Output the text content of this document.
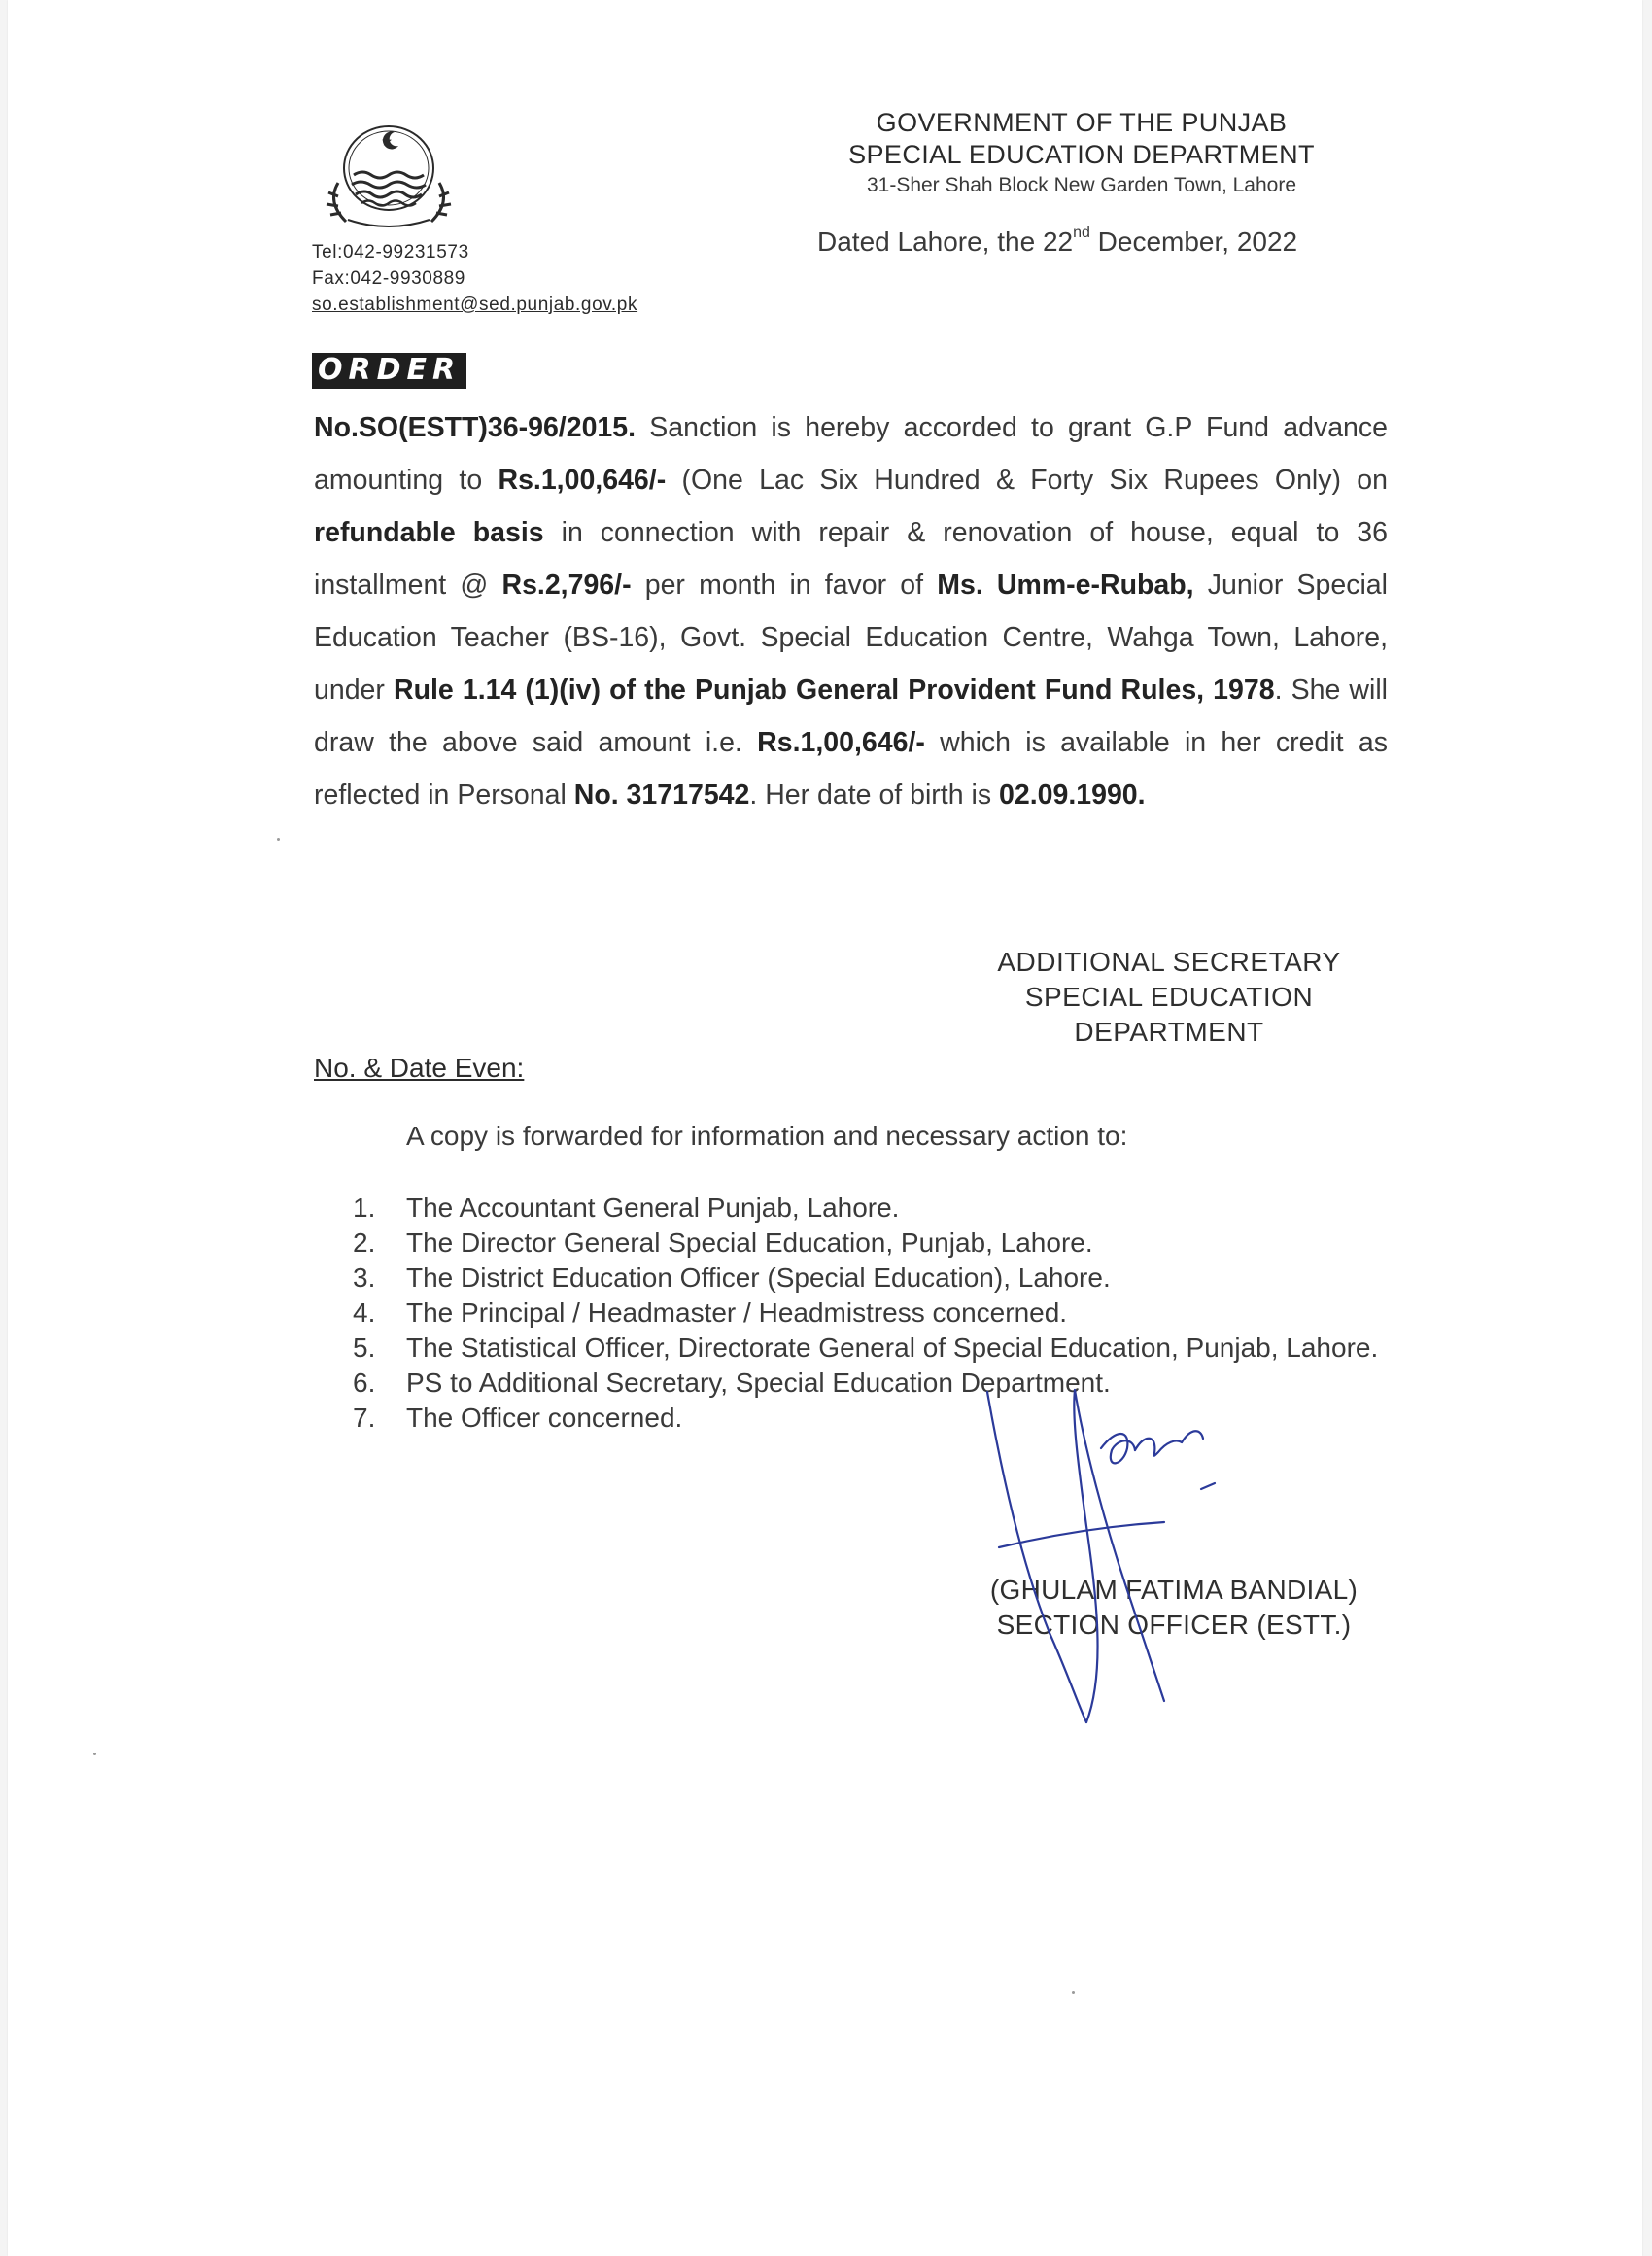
Tel:042-99231573
Fax:042-9930889
so.establishment@sed.punjab.gov.pk
GOVERNMENT OF THE PUNJAB
SPECIAL EDUCATION DEPARTMENT
31-Sher Shah Block New Garden Town, Lahore
Dated Lahore, the 22nd December, 2022
ORDER
No.SO(ESTT)36-96/2015. Sanction is hereby accorded to grant G.P Fund advance amounting to Rs.1,00,646/- (One Lac Six Hundred & Forty Six Rupees Only) on refundable basis in connection with repair & renovation of house, equal to 36 installment @ Rs.2,796/- per month in favor of Ms. Umm-e-Rubab, Junior Special Education Teacher (BS-16), Govt. Special Education Centre, Wahga Town, Lahore, under Rule 1.14 (1)(iv) of the Punjab General Provident Fund Rules, 1978. She will draw the above said amount i.e. Rs.1,00,646/- which is available in her credit as reflected in Personal No. 31717542. Her date of birth is 02.09.1990.
ADDITIONAL SECRETARY
SPECIAL EDUCATION
DEPARTMENT
No. & Date Even:
A copy is forwarded for information and necessary action to:
1.	The Accountant General Punjab, Lahore.
2.	The Director General Special Education, Punjab, Lahore.
3.	The District Education Officer (Special Education), Lahore.
4.	The Principal / Headmaster / Headmistress concerned.
5.	The Statistical Officer, Directorate General of Special Education, Punjab, Lahore.
6.	PS to Additional Secretary, Special Education Department.
7.	The Officer concerned.
(GHULAM FATIMA BANDIAL)
SECTION OFFICER (ESTT.)
